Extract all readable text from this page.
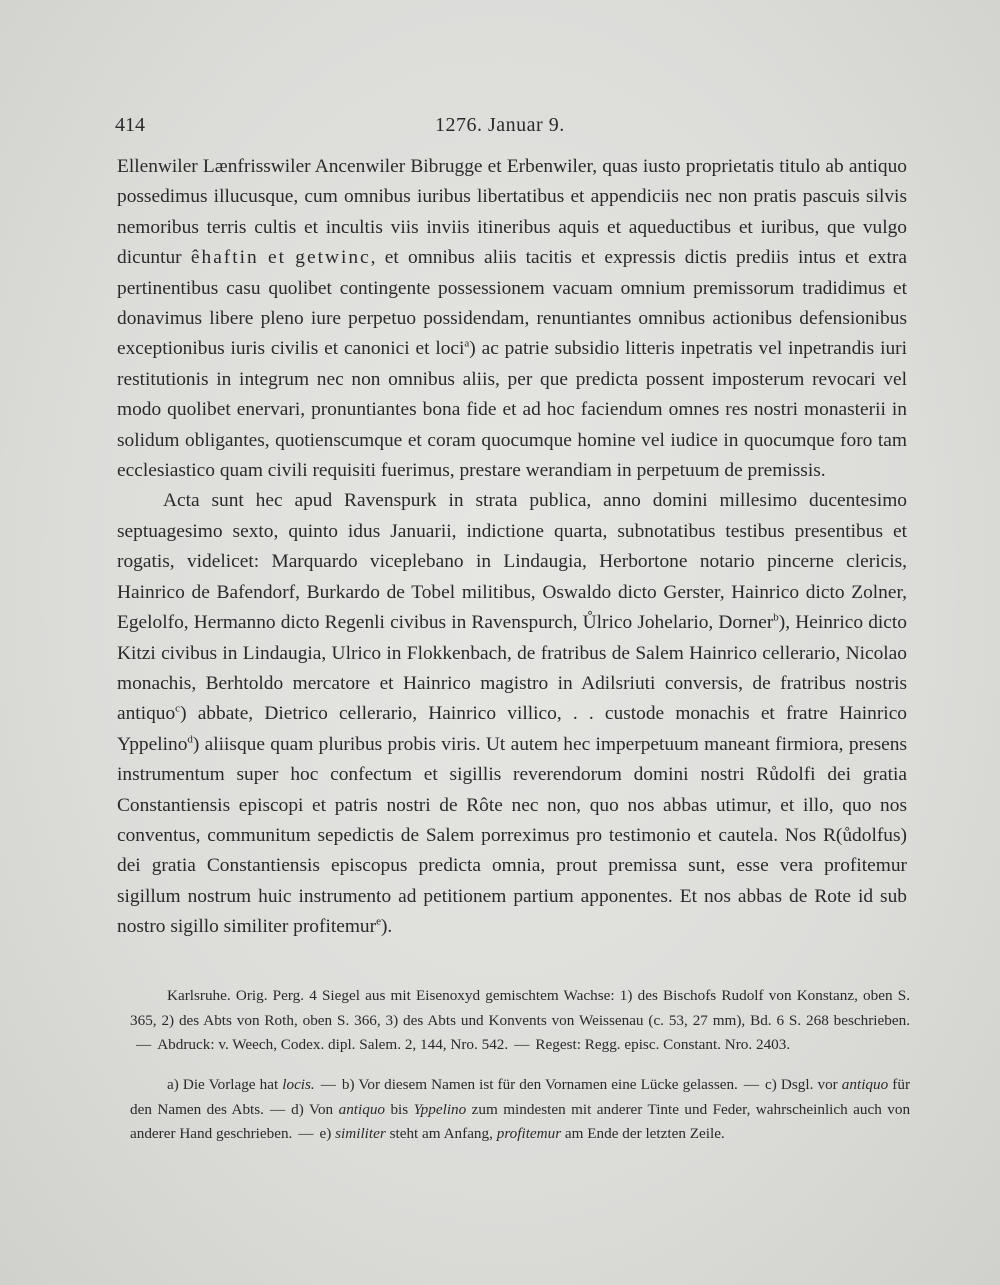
414	1276. Januar 9.

Ellenwiler Lænfrisswiler Ancenwiler Bibrugge et Erbenwiler, quas iusto proprietatis titulo ab antiquo possedimus illucusque, cum omnibus iuribus libertatibus et appendiciis nec non pratis pascuis silvis nemoribus terris cultis et incultis viis inviis itineribus aquis et aqueductibus et iuribus, que vulgo dicuntur êhaftin et getwinc, et omnibus aliis tacitis et expressis dictis prediis intus et extra pertinentibus casu quolibet contingente possessionem vacuam omnium premissorum tradidimus et donavimus libere pleno iure perpetuo possidendam, renuntiantes omnibus actionibus defensionibus exceptionibus iuris civilis et canonici et loci$^a$) ac patrie subsidio litteris inpetratis vel inpetrandis iuri restitutionis in integrum nec non omnibus aliis, per que predicta possent imposterum revocari vel modo quolibet enervari, pronuntiantes bona fide et ad hoc faciendum omnes res nostri monasterii in solidum obligantes, quotienscumque et coram quocumque homine vel iudice in quocumque foro tam ecclesiastico quam civili requisiti fuerimus, prestare werandiam in perpetuum de premissis.

Acta sunt hec apud Ravenspurk in strata publica, anno domini millesimo ducentesimo septuagesimo sexto, quinto idus Januarii, indictione quarta, subnotatibus testibus presentibus et rogatis, videlicet: Marquardo viceplebano in Lindaugia, Herbortone notario pincerne clericis, Hainrico de Bafendorf, Burkardo de Tobel militibus, Oswaldo dicto Gerster, Hainrico dicto Zolner, Egelolfo, Hermanno dicto Regenli civibus in Ravenspurch, Ůlrico Johelario, Dorner$^b$), Heinrico dicto Kitzi civibus in Lindaugia, Ulrico in Flokkenbach, de fratribus de Salem Hainrico cellerario, Nicolao monachis, Berhtoldo mercatore et Hainrico magistro in Adilsriuti conversis, de fratribus nostris antiquo$^c$) abbate, Dietrico cellerario, Hainrico villico, . . custode monachis et fratre Hainrico Yppelino$^d$) aliisque quam pluribus probis viris. Ut autem hec imperpetuum maneant firmiora, presens instrumentum super hoc confectum et sigillis reverendorum domini nostri Růdolfi dei gratia Constantiensis episcopi et patris nostri de Rôte nec non, quo nos abbas utimur, et illo, quo nos conventus, communitum sepedictis de Salem porreximus pro testimonio et cautela. Nos R(ůdolfus) dei gratia Constantiensis episcopus predicta omnia, prout premissa sunt, esse vera profitemur sigillum nostrum huic instrumento ad petitionem partium apponentes. Et nos abbas de Rote id sub nostro sigillo similiter profitemur$^e$).

Karlsruhe. Orig. Perg. 4 Siegel aus mit Eisenoxyd gemischtem Wachse: 1) des Bischofs Rudolf von Konstanz, oben S. 365, 2) des Abts von Roth, oben S. 366, 3) des Abts und Konvents von Weissenau (c. 53, 27 mm), Bd. 6 S. 268 beschrieben.— Abdruck: v. Weech, Codex. dipl. Salem. 2, 144, Nro. 542. — Regest: Regg. episc. Constant. Nro. 2403.

a) Die Vorlage hat locis. — b) Vor diesem Namen ist für den Vornamen eine Lücke gelassen. — c) Dsgl. vor antiquo für den Namen des Abts. — d) Von antiquo bis Yppelino zum mindesten mit anderer Tinte und Feder, wahrscheinlich auch von anderer Hand geschrieben. — e) similiter steht am Anfang, profitemur am Ende der letzten Zeile.
